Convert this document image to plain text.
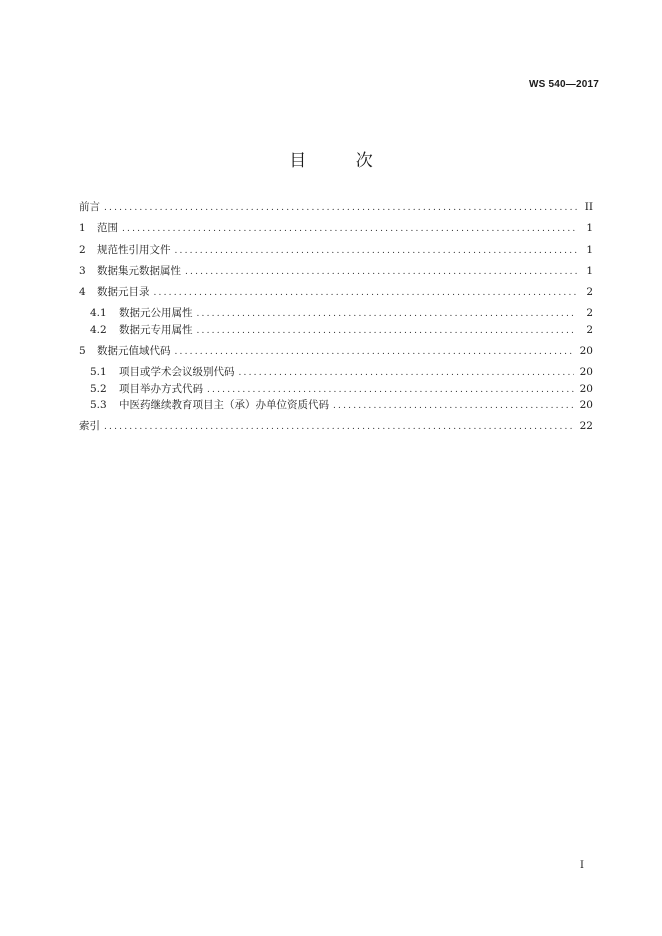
WS 540—2017
目 次
前言 .....	II
1	范围 .....	1
2	规范性引用文件 .....	1
3	数据集元数据属性 .....	1
4	数据元目录 .....	2
4.1	数据元公用属性 .....	2
4.2	数据元专用属性 .....	2
5	数据元值域代码 .....	20
5.1	项目或学术会议级别代码 .....	20
5.2	项目举办方式代码 .....	20
5.3	中医药继续教育项目主（承）办单位资质代码 .....	20
索引 .....	22
I
